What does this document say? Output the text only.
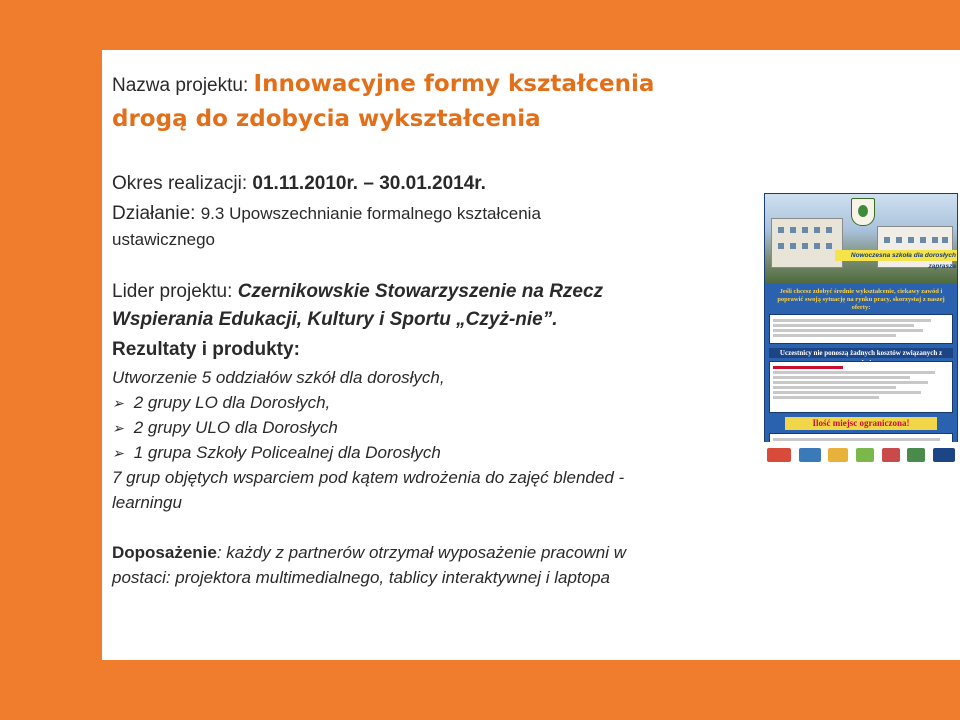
Nazwa projektu: Innowacyjne formy kształcenia
drogą do zdobycia wykształcenia
Okres realizacji: 01.11.2010r. – 30.01.2014r.
Działanie: 9.3 Upowszechnianie formalnego kształcenia
ustawicznego
Lider projektu: Czernikowskie Stowarzyszenie na Rzecz
Wspierania Edukacji, Kultury i Sportu „Czyż-nie”.
Rezultaty i produkty:
Utworzenie 5 oddziałów szkół dla dorosłych,
➢ 2 grupy LO dla Dorosłych,
➢ 2 grupy ULO dla Dorosłych
➢ 1 grupa Szkoły Policealnej dla Dorosłych
7 grup objętych wsparciem pod kątem wdrożenia do zajęć blended -
learningu
Doposażenie: każdy z partnerów otrzymał wyposażenie pracowni w
postaci: projektora multimedialnego, tablicy interaktywnej i laptopa
Nowoczesna szkoła dla dorosłych zaprasza
Jeśli chcesz zdobyć średnie wykształcenie, ciekawy zawód i poprawić swoją sytuację na rynku pracy, skorzystaj z naszej oferty:
Uczestnicy nie ponoszą żadnych kosztów związanych z
Ilość miejsc ograniczona!
